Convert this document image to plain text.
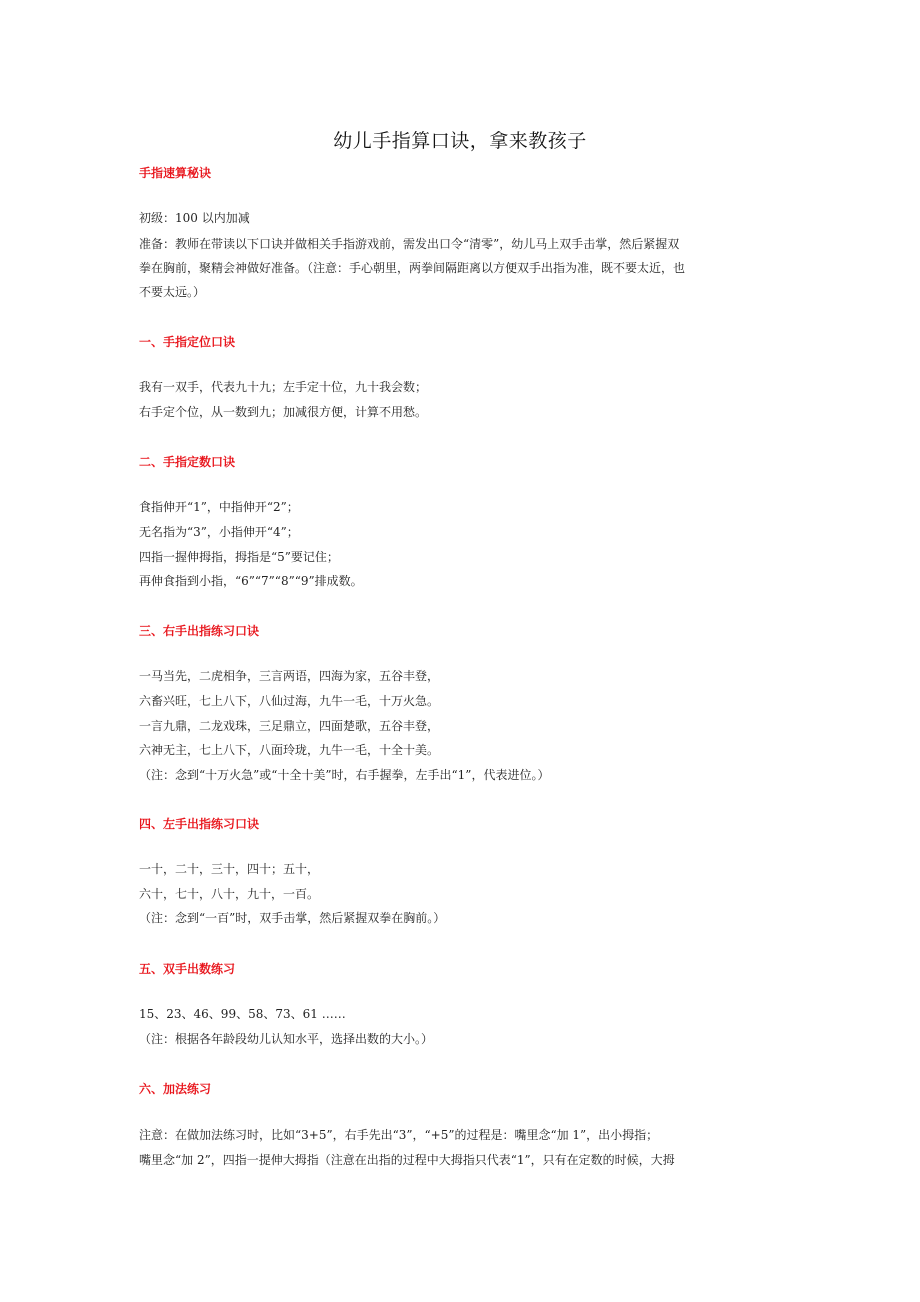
幼儿手指算口诀，拿来教孩子
手指速算秘诀
初级：100 以内加减
准备：教师在带读以下口诀并做相关手指游戏前，需发出口令“清零”，幼儿马上双手击掌，然后紧握双
拳在胸前，聚精会神做好准备。（注意：手心朝里，两拳间隔距离以方便双手出指为准，既不要太近，也
不要太远。）
一、手指定位口诀
我有一双手，代表九十九；左手定十位，九十我会数；
右手定个位，从一数到九；加减很方便，计算不用愁。
二、手指定数口诀
食指伸开“1”，中指伸开“2”；
无名指为“3”，小指伸开“4”；
四指一握伸拇指，拇指是“5”要记住；
再伸食指到小指，“6”“7”“8”“9”排成数。
三、右手出指练习口诀
一马当先，二虎相争，三言两语，四海为家，五谷丰登，
六畜兴旺，七上八下，八仙过海，九牛一毛，十万火急。
一言九鼎，二龙戏珠，三足鼎立，四面楚歌，五谷丰登，
六神无主，七上八下，八面玲珑，九牛一毛，十全十美。
（注：念到“十万火急”或“十全十美”时，右手握拳，左手出“1”，代表进位。）
四、左手出指练习口诀
一十，二十，三十，四十；五十，
六十，七十，八十，九十，一百。
（注：念到“一百”时，双手击掌，然后紧握双拳在胸前。）
五、双手出数练习
15、23、46、99、58、73、61 ……
（注：根据各年龄段幼儿认知水平，选择出数的大小。）
六、加法练习
注意：在做加法练习时，比如“3+5”，右手先出“3”，“+5”的过程是：嘴里念“加 1”，出小拇指；
嘴里念“加 2”，四指一提伸大拇指（注意在出指的过程中大拇指只代表“1”，只有在定数的时候，大拇
